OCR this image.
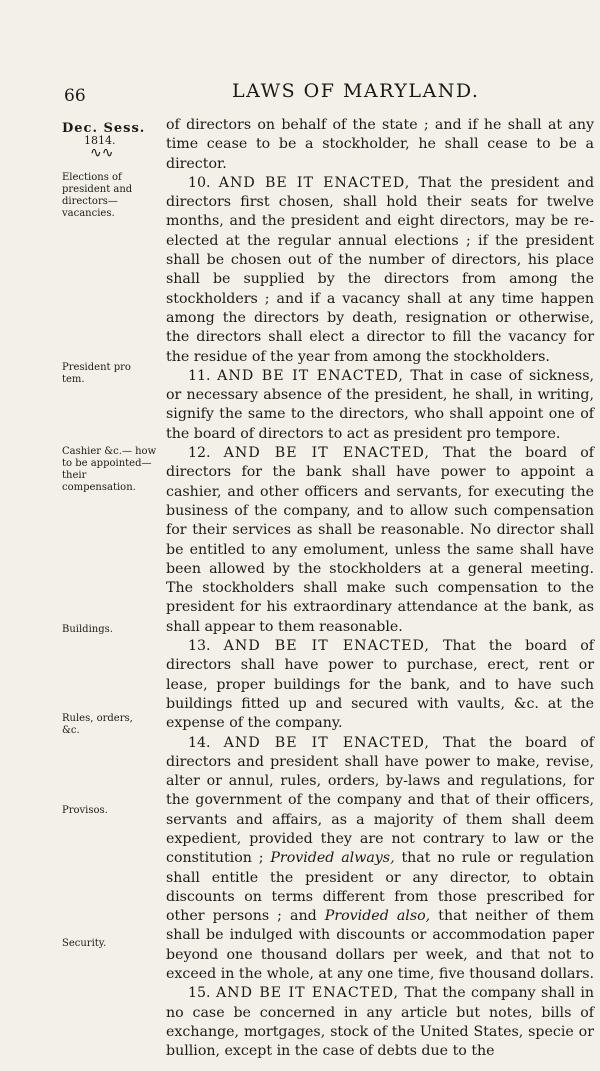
66	LAWS OF MARYLAND.
Dec. Sess.
1814.
∿∿
Elections of president and directors— vacancies.
President pro tem.
Cashier &c.— how to be appointed—their compensation.
Buildings.
Rules, orders, &c.
Provisos.
Security.

of directors on behalf of the state ; and if he shall at any time cease to be a stockholder, he shall cease to be a director.

10. AND BE IT ENACTED, That the president and directors first chosen, shall hold their seats for twelve months, and the president and eight directors, may be re-elected at the regular annual elections ; if the president shall be chosen out of the number of directors, his place shall be supplied by the directors from among the stockholders ; and if a vacancy shall at any time happen among the directors by death, resignation or otherwise, the directors shall elect a director to fill the vacancy for the residue of the year from among the stockholders.

11. AND BE IT ENACTED, That in case of sickness, or necessary absence of the president, he shall, in writing, signify the same to the directors, who shall appoint one of the board of directors to act as president pro tempore.

12. AND BE IT ENACTED, That the board of directors for the bank shall have power to appoint a cashier, and other officers and servants, for executing the business of the company, and to allow such compensation for their services as shall be reasonable. No director shall be entitled to any emolument, unless the same shall have been allowed by the stockholders at a general meeting. The stockholders shall make such compensation to the president for his extraordinary attendance at the bank, as shall appear to them reasonable.

13. AND BE IT ENACTED, That the board of directors shall have power to purchase, erect, rent or lease, proper buildings for the bank, and to have such buildings fitted up and secured with vaults, &c. at the expense of the company.

14. AND BE IT ENACTED, That the board of directors and president shall have power to make, revise, alter or annul, rules, orders, by-laws and regulations, for the government of the company and that of their officers, servants and affairs, as a majority of them shall deem expedient, provided they are not contrary to law or the constitution ; Provided always, that no rule or regulation shall entitle the president or any director, to obtain discounts on terms different from those prescribed for other persons ; and Provided also, that neither of them shall be indulged with discounts or accommodation paper beyond one thousand dollars per week, and that not to exceed in the whole, at any one time, five thousand dollars.

15. AND BE IT ENACTED, That the company shall in no case be concerned in any article but notes, bills of exchange, mortgages, stock of the United States, specie or bullion, except in the case of debts due to the
